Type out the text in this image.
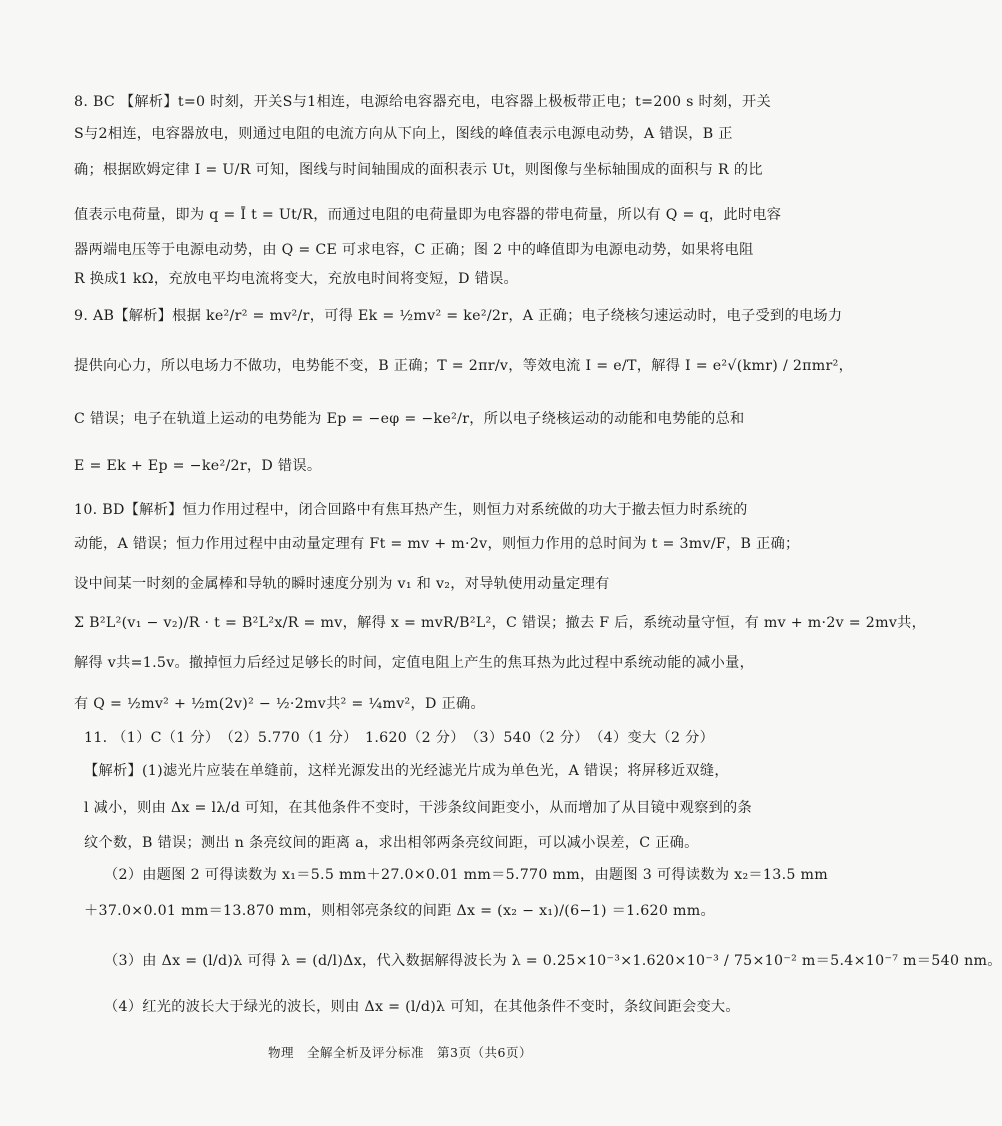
8. BC 【解析】t=0 时刻，开关S与1相连，电源给电容器充电，电容器上极板带正电；t=200 s 时刻，开关
S与2相连，电容器放电，则通过电阻的电流方向从下向上，图线的峰值表示电源电动势，A 错误，B 正
确；根据欧姆定律 I = U/R 可知，图线与时间轴围成的面积表示 Ut，则图像与坐标轴围成的面积与 R 的比
值表示电荷量，即为 q = Ī t = Ut/R，而通过电阻的电荷量即为电容器的带电荷量，所以有 Q = q，此时电容
器两端电压等于电源电动势，由 Q = CE 可求电容，C 正确；图 2 中的峰值即为电源电动势，如果将电阻
R 换成1 kΩ，充放电平均电流将变大，充放电时间将变短，D 错误。
9. AB【解析】根据 ke²/r² = mv²/r，可得 Ek = ½mv² = ke²/2r，A 正确；电子绕核匀速运动时，电子受到的电场力
提供向心力，所以电场力不做功，电势能不变，B 正确；T = 2πr/v，等效电流 I = e/T，解得 I = e²√(kmr) / 2πmr²，
C 错误；电子在轨道上运动的电势能为 Ep = −eφ = −ke²/r，所以电子绕核运动的动能和电势能的总和
E = Ek + Ep = −ke²/2r，D 错误。
10. BD【解析】恒力作用过程中，闭合回路中有焦耳热产生，则恒力对系统做的功大于撤去恒力时系统的
动能，A 错误；恒力作用过程中由动量定理有 Ft = mv + m·2v，则恒力作用的总时间为 t = 3mv/F，B 正确；
设中间某一时刻的金属棒和导轨的瞬时速度分别为 v₁ 和 v₂，对导轨使用动量定理有
Σ B²L²(v₁ − v₂)/R · t = B²L²x/R = mv，解得 x = mvR/B²L²，C 错误；撤去 F 后，系统动量守恒，有 mv + m·2v = 2mv共，
解得 v共=1.5v。撤掉恒力后经过足够长的时间，定值电阻上产生的焦耳热为此过程中系统动能的减小量，
有 Q = ½mv² + ½m(2v)² − ½·2mv共² = ¼mv²，D 正确。
11. （1）C（1 分）　（2）5.770（1 分）　1.620（2 分）　（3）540（2 分）　（4）变大（2 分）
【解析】(1)滤光片应装在单缝前，这样光源发出的光经滤光片成为单色光，A 错误；将屏移近双缝，
l 减小，则由 Δx = lλ/d 可知，在其他条件不变时，干涉条纹间距变小，从而增加了从目镜中观察到的条
纹个数，B 错误；测出 n 条亮纹间的距离 a，求出相邻两条亮纹间距，可以减小误差，C 正确。
（2）由题图 2 可得读数为 x₁＝5.5 mm＋27.0×0.01 mm＝5.770 mm，由题图 3 可得读数为 x₂＝13.5 mm
＋37.0×0.01 mm＝13.870 mm，则相邻亮条纹的间距 Δx = (x₂ − x₁)/(6−1) ＝1.620 mm。
（3）由 Δx = (l/d)λ 可得 λ = (d/l)Δx，代入数据解得波长为 λ = 0.25×10⁻³×1.620×10⁻³ / 75×10⁻² m＝5.4×10⁻⁷ m＝540 nm。
（4）红光的波长大于绿光的波长，则由 Δx = (l/d)λ 可知，在其他条件不变时，条纹间距会变大。
物理　全解全析及评分标准　第3页（共6页）
